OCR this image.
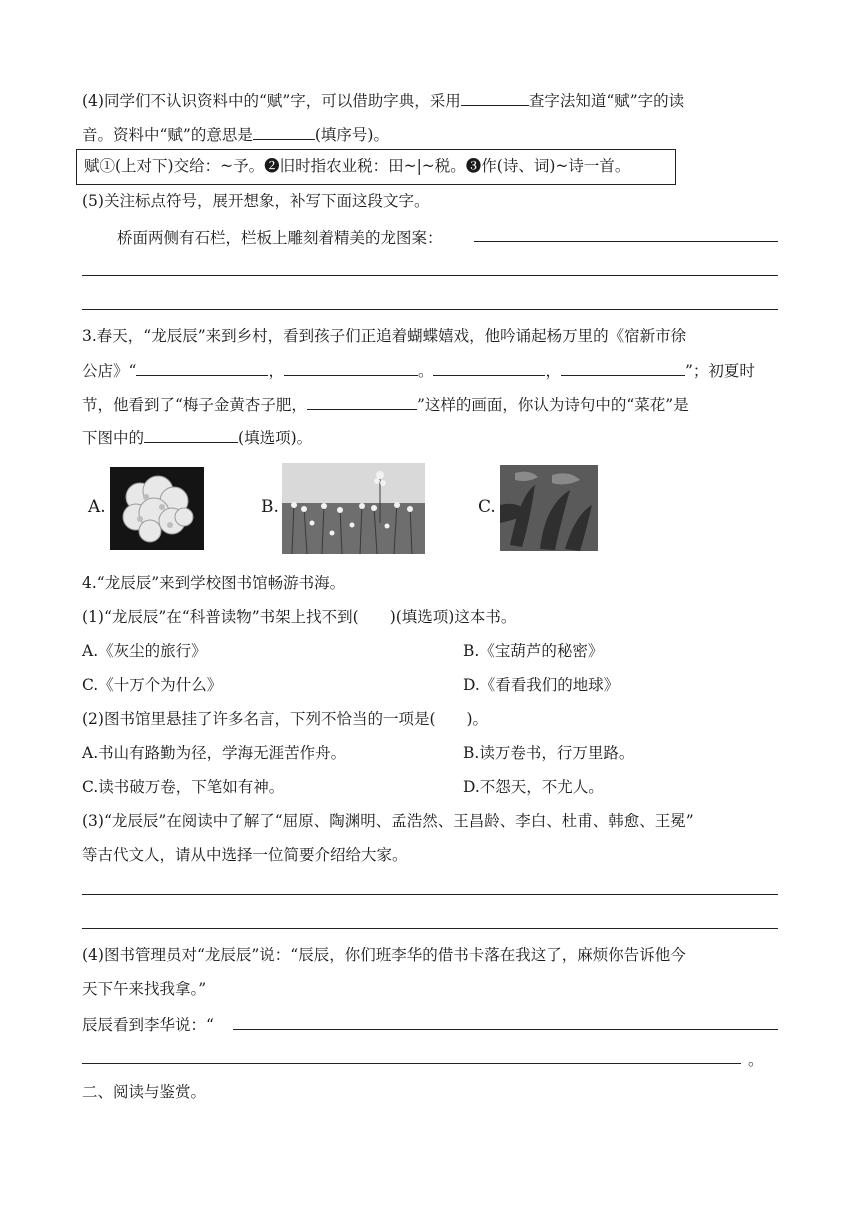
(4)同学们不认识资料中的“赋”字，可以借助字典，采用	查字法知道“赋”字的读
音。资料中“赋”的意思是	(填序号)。
赋①(上对下)交给：~予。❷旧时指农业税：田~|~税。❸作(诗、词)~诗一首。
(5)关注标点符号，展开想象，补写下面这段文字。
桥面两侧有石栏，栏板上雕刻着精美的龙图案：
3.春天，“龙辰辰”来到乡村，看到孩子们正追着蝴蝶嬉戏，他吟诵起杨万里的《宿新市徐
公店》“	，	。	，	”；初夏时
节，他看到了“梅子金黄杏子肥，	”这样的画面，你认为诗句中的“菜花”是
下图中的	(填选项)。
A.	B.	C.
4.“龙辰辰”来到学校图书馆畅游书海。
(1)“龙辰辰”在“科普读物”书架上找不到(　　)(填选项)这本书。
A.《灰尘的旅行》	B.《宝葫芦的秘密》
C.《十万个为什么》	D.《看看我们的地球》
(2)图书馆里悬挂了许多名言，下列不恰当的一项是(　　)。
A.书山有路勤为径，学海无涯苦作舟。	B.读万卷书，行万里路。
C.读书破万卷，下笔如有神。	D.不怨天，不尤人。
(3)“龙辰辰”在阅读中了解了“屈原、陶渊明、孟浩然、王昌龄、李白、杜甫、韩愈、王冕”
等古代文人，请从中选择一位简要介绍给大家。
(4)图书管理员对“龙辰辰”说：“辰辰，你们班李华的借书卡落在我这了，麻烦你告诉他今
天下午来找我拿。”
辰辰看到李华说：“
。
二、阅读与鉴赏。
